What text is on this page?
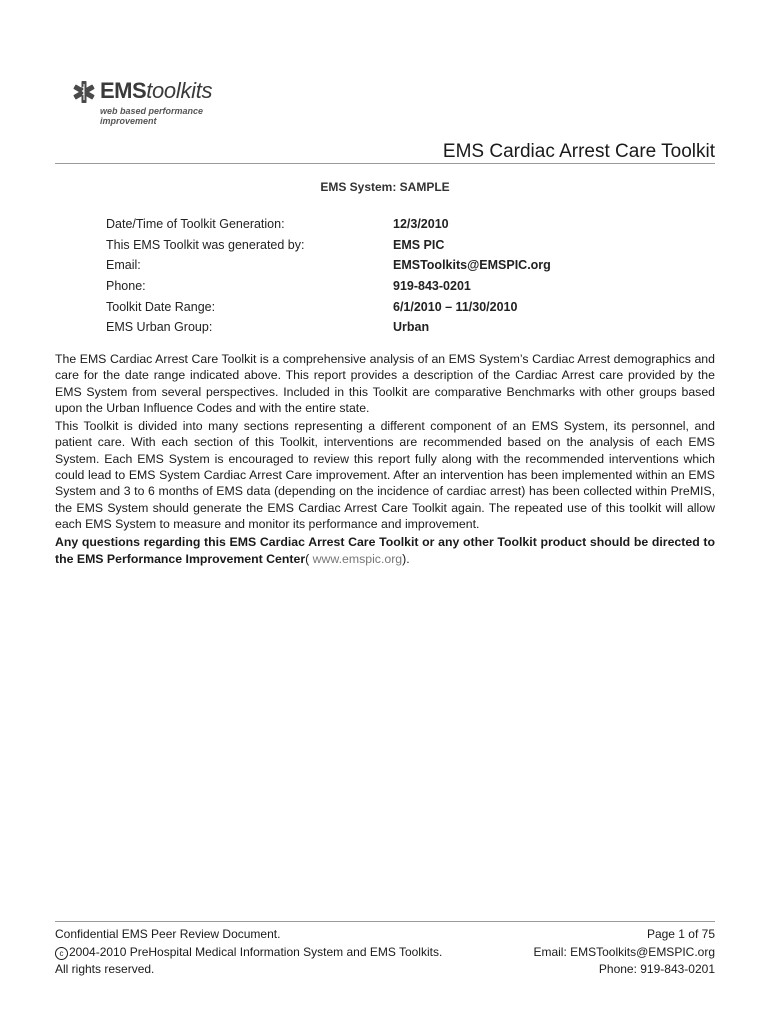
EMStoolkits
web based performance
improvement
EMS Cardiac Arrest Care Toolkit
EMS System: SAMPLE
Date/Time of Toolkit Generation:	12/3/2010
This EMS Toolkit was generated by:	EMS PIC
Email:	EMSToolkits@EMSPIC.org
Phone:	919-843-0201
Toolkit Date Range:	6/1/2010 – 11/30/2010
EMS Urban Group:	Urban

The EMS Cardiac Arrest Care Toolkit is a comprehensive analysis of an EMS System’s Cardiac Arrest demographics and care for the date range indicated above. This report provides a description of the Cardiac Arrest care provided by the EMS System from several perspectives. Included in this Toolkit are comparative Benchmarks with other groups based upon the Urban Influence Codes and with the entire state.

This Toolkit is divided into many sections representing a different component of an EMS System, its personnel, and patient care. With each section of this Toolkit, interventions are recommended based on the analysis of each EMS System. Each EMS System is encouraged to review this report fully along with the recommended interventions which could lead to EMS System Cardiac Arrest Care improvement. After an intervention has been implemented within an EMS System and 3 to 6 months of EMS data (depending on the incidence of cardiac arrest) has been collected within PreMIS, the EMS System should generate the EMS Cardiac Arrest Care Toolkit again. The repeated use of this toolkit will allow each EMS System to measure and monitor its performance and improvement.

Any questions regarding this EMS Cardiac Arrest Care Toolkit or any other Toolkit product should be directed to the EMS Performance Improvement Center( www.emspic.org).

Confidential EMS Peer Review Document.
c 2004-2010 PreHospital Medical Information System and EMS Toolkits.
All rights reserved.
Page 1 of 75
Email: EMSToolkits@EMSPIC.org
Phone: 919-843-0201
